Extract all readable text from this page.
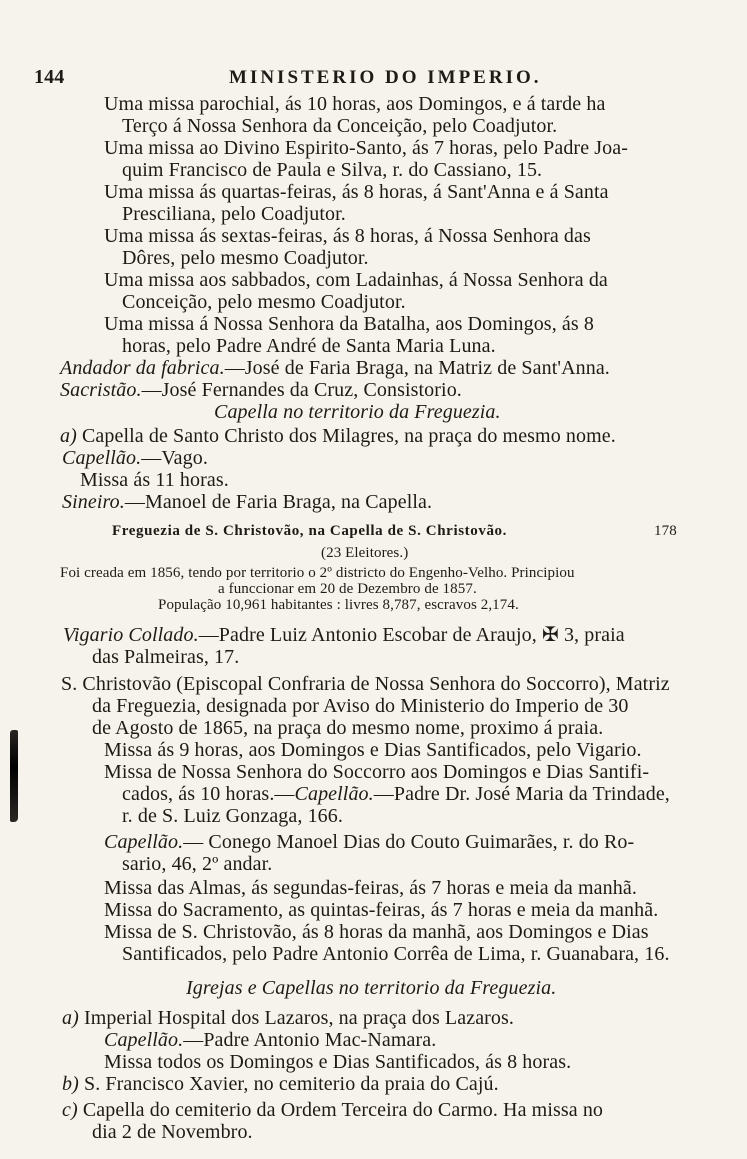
144	MINISTERIO DO IMPERIO.
Uma missa parochial, ás 10 horas, aos Domingos, e á tarde ha
Terço á Nossa Senhora da Conceição, pelo Coadjutor.
Uma missa ao Divino Espirito-Santo, ás 7 horas, pelo Padre Joa-
quim Francisco de Paula e Silva, r. do Cassiano, 15.
Uma missa ás quartas-feiras, ás 8 horas, á Sant'Anna e á Santa
Presciliana, pelo Coadjutor.
Uma missa ás sextas-feiras, ás 8 horas, á Nossa Senhora das
Dôres, pelo mesmo Coadjutor.
Uma missa aos sabbados, com Ladainhas, á Nossa Senhora da
Conceição, pelo mesmo Coadjutor.
Uma missa á Nossa Senhora da Batalha, aos Domingos, ás 8
horas, pelo Padre André de Santa Maria Luna.
Andador da fabrica.—José de Faria Braga, na Matriz de Sant'Anna.
Sacristão.—José Fernandes da Cruz, Consistorio.
Capella no territorio da Freguezia.
a) Capella de Santo Christo dos Milagres, na praça do mesmo nome.
Capellão.—Vago.
Missa ás 11 horas.
Sineiro.—Manoel de Faria Braga, na Capella.
Freguezia de S. Christovão, na Capella de S. Christovão.	178
(23 Eleitores.)
Foi creada em 1856, tendo por territorio o 2º districto do Engenho-Velho. Principiou
a funccionar em 20 de Dezembro de 1857.
População 10,961 habitantes : livres 8,787, escravos 2,174.
Vigario Collado.—Padre Luiz Antonio Escobar de Araujo, ✠ 3, praia
das Palmeiras, 17.
S. Christovão (Episcopal Confraria de Nossa Senhora do Soccorro), Matriz
da Freguezia, designada por Aviso do Ministerio do Imperio de 30
de Agosto de 1865, na praça do mesmo nome, proximo á praia.
Missa ás 9 horas, aos Domingos e Dias Santificados, pelo Vigario.
Missa de Nossa Senhora do Soccorro aos Domingos e Dias Santifi-
cados, ás 10 horas.—Capellão.—Padre Dr. José Maria da Trindade,
r. de S. Luiz Gonzaga, 166.
Capellão.— Conego Manoel Dias do Couto Guimarães, r. do Ro-
sario, 46, 2º andar.
Missa das Almas, ás segundas-feiras, ás 7 horas e meia da manhã.
Missa do Sacramento, as quintas-feiras, ás 7 horas e meia da manhã.
Missa de S. Christovão, ás 8 horas da manhã, aos Domingos e Dias
Santificados, pelo Padre Antonio Corrêa de Lima, r. Guanabara, 16.
Igrejas e Capellas no territorio da Freguezia.
a) Imperial Hospital dos Lazaros, na praça dos Lazaros.
Capellão.—Padre Antonio Mac-Namara.
Missa todos os Domingos e Dias Santificados, ás 8 horas.
b) S. Francisco Xavier, no cemiterio da praia do Cajú.
c) Capella do cemiterio da Ordem Terceira do Carmo. Ha missa no
dia 2 de Novembro.
